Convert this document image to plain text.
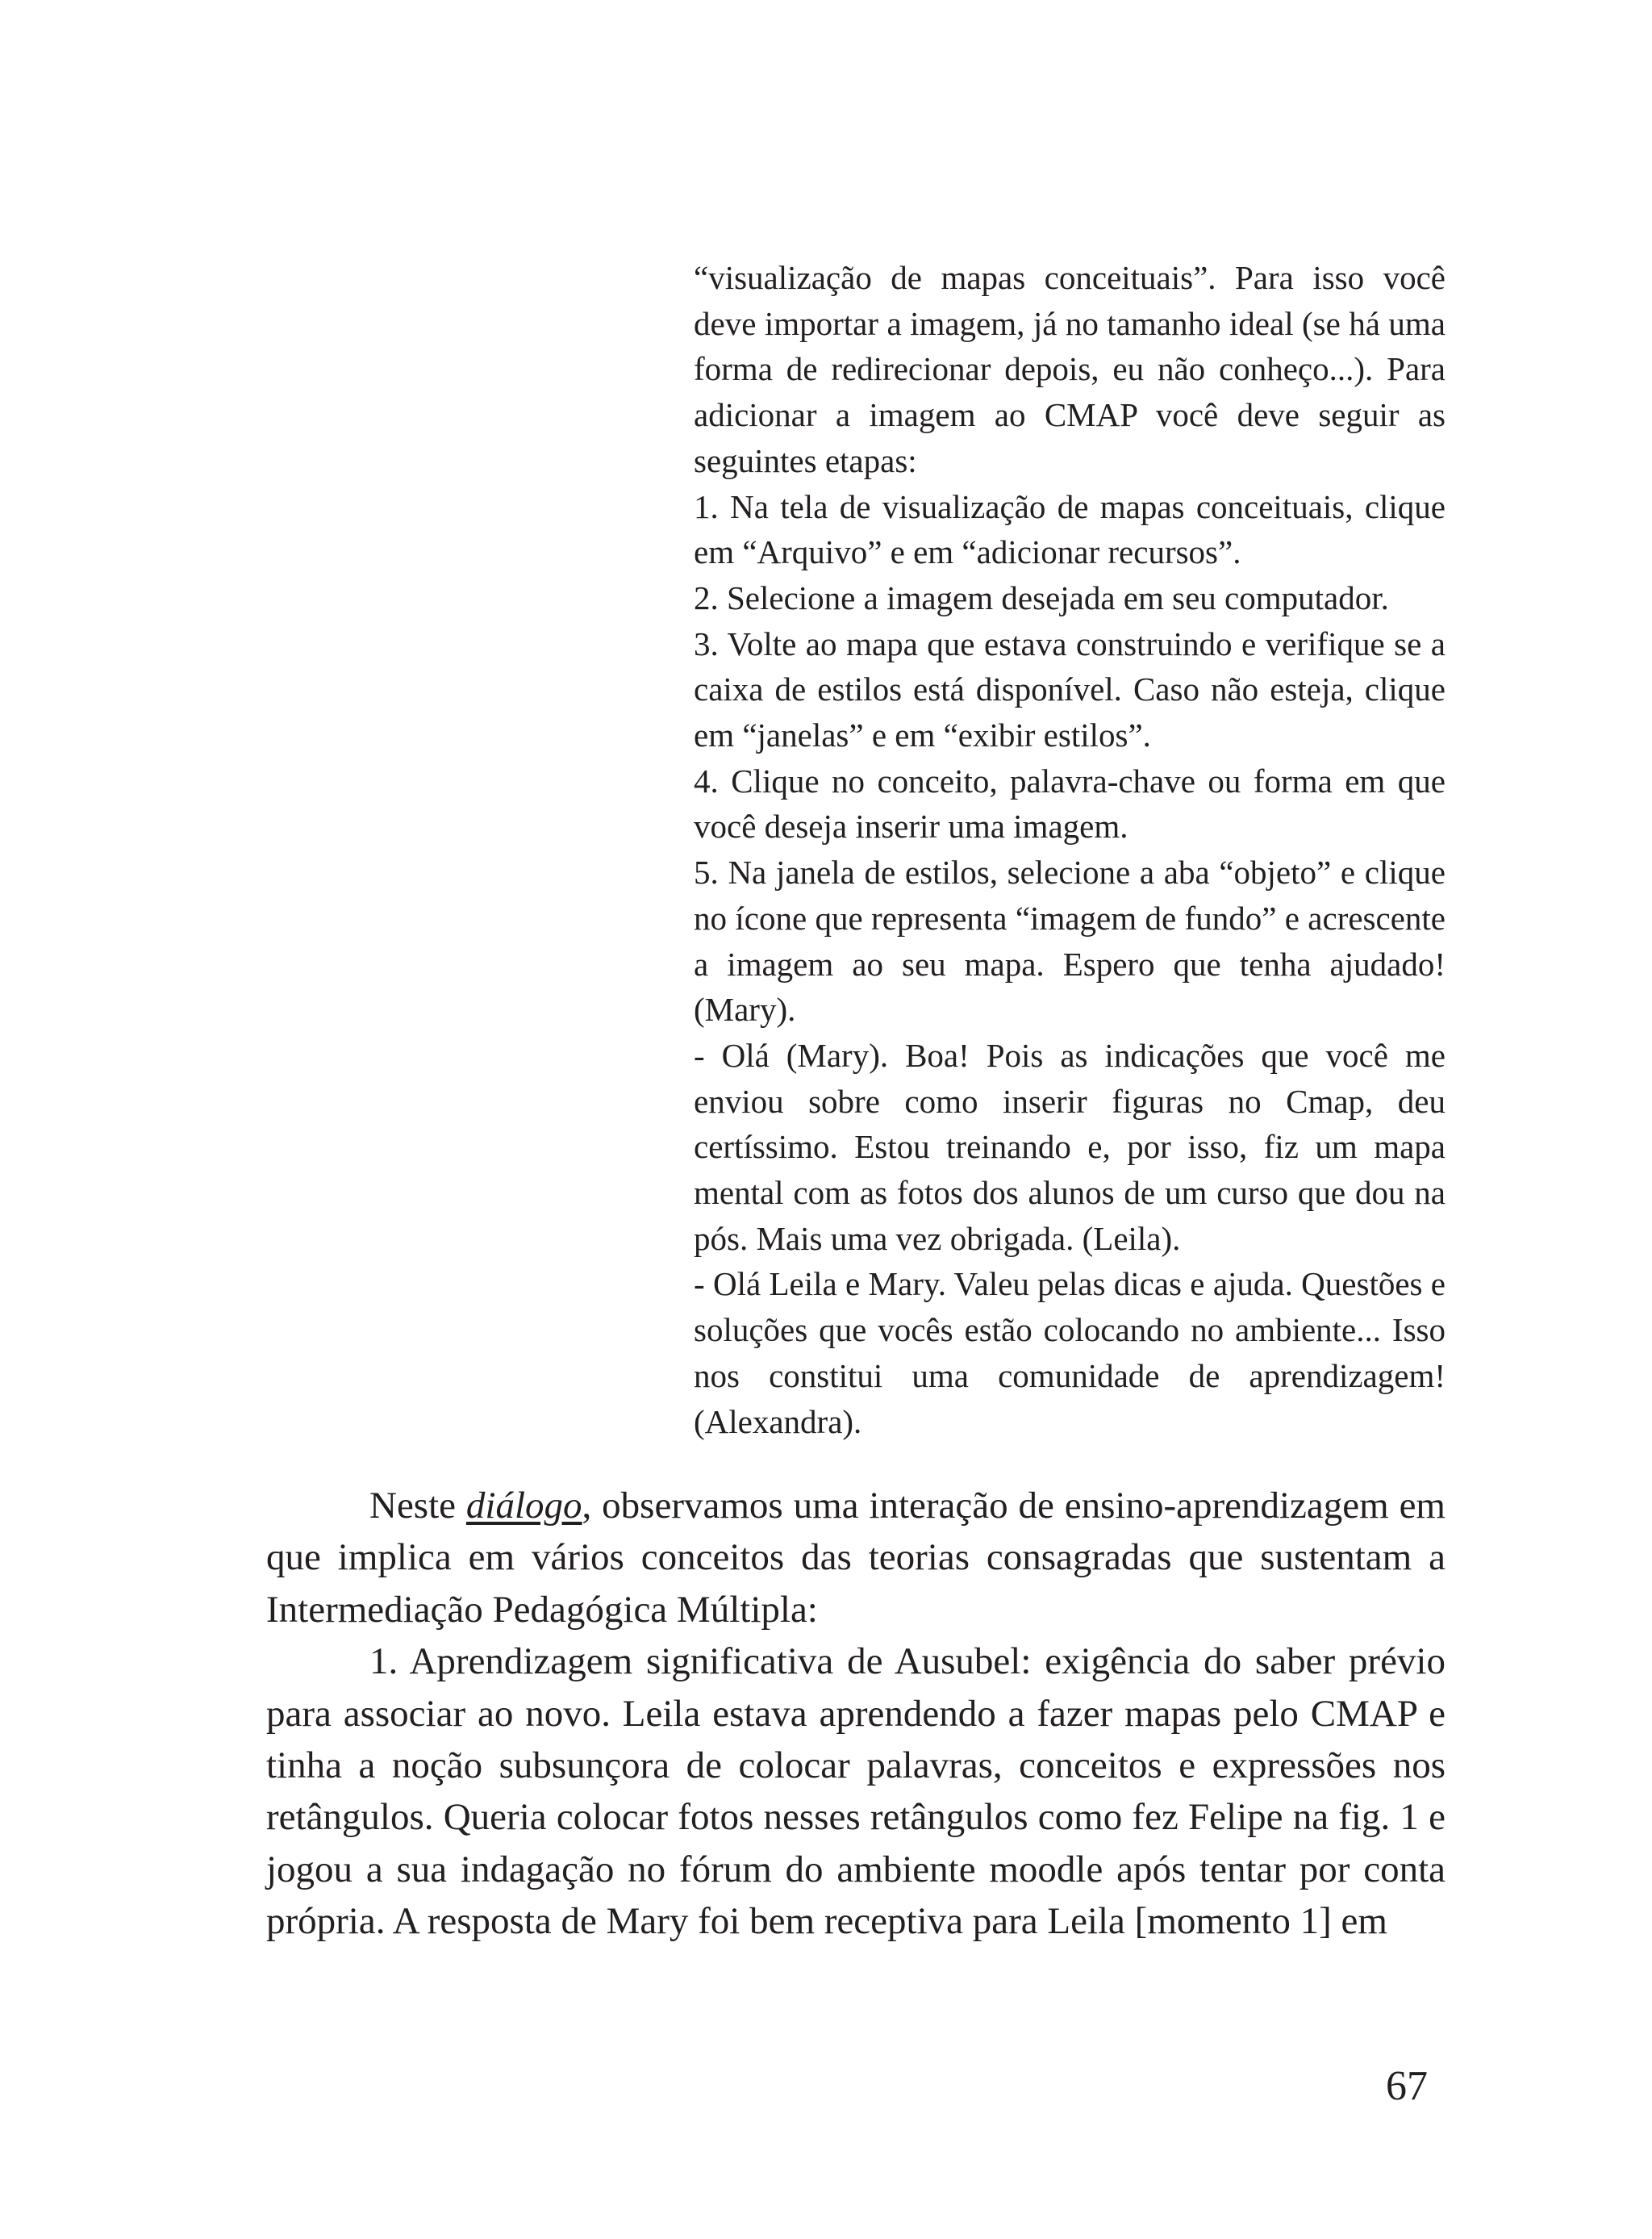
“visualização de mapas conceituais”. Para isso você deve importar a imagem, já no tamanho ideal (se há uma forma de redirecionar depois, eu não conheço...). Para adicionar a imagem ao CMAP você deve seguir as seguintes etapas:

1. Na tela de visualização de mapas conceituais, clique em “Arquivo” e em “adicionar recursos”.

2. Selecione a imagem desejada em seu computador.

3. Volte ao mapa que estava construindo e verifique se a caixa de estilos está disponível. Caso não esteja, clique em “janelas” e em “exibir estilos”.

4. Clique no conceito, palavra-chave ou forma em que você deseja inserir uma imagem.

5. Na janela de estilos, selecione a aba “objeto” e clique no ícone que representa “imagem de fundo” e acrescente a imagem ao seu mapa. Espero que tenha ajudado! (Mary).

- Olá (Mary). Boa! Pois as indicações que você me enviou sobre como inserir figuras no Cmap, deu certíssimo. Estou treinando e, por isso, fiz um mapa mental com as fotos dos alunos de um curso que dou na pós. Mais uma vez obrigada. (Leila).

- Olá Leila e Mary. Valeu pelas dicas e ajuda. Questões e soluções que vocês estão colocando no ambiente... Isso nos constitui uma comunidade de aprendizagem! (Alexandra).

Neste diálogo, observamos uma interação de ensino-aprendizagem em que implica em vários conceitos das teorias consagradas que sustentam a Intermediação Pedagógica Múltipla:

1. Aprendizagem significativa de Ausubel: exigência do saber prévio para associar ao novo. Leila estava aprendendo a fazer mapas pelo CMAP e tinha a noção subsunçora de colocar palavras, conceitos e expressões nos retângulos. Queria colocar fotos nesses retângulos como fez Felipe na fig. 1 e jogou a sua indagação no fórum do ambiente moodle após tentar por conta própria. A resposta de Mary foi bem receptiva para Leila [momento 1] em

67
